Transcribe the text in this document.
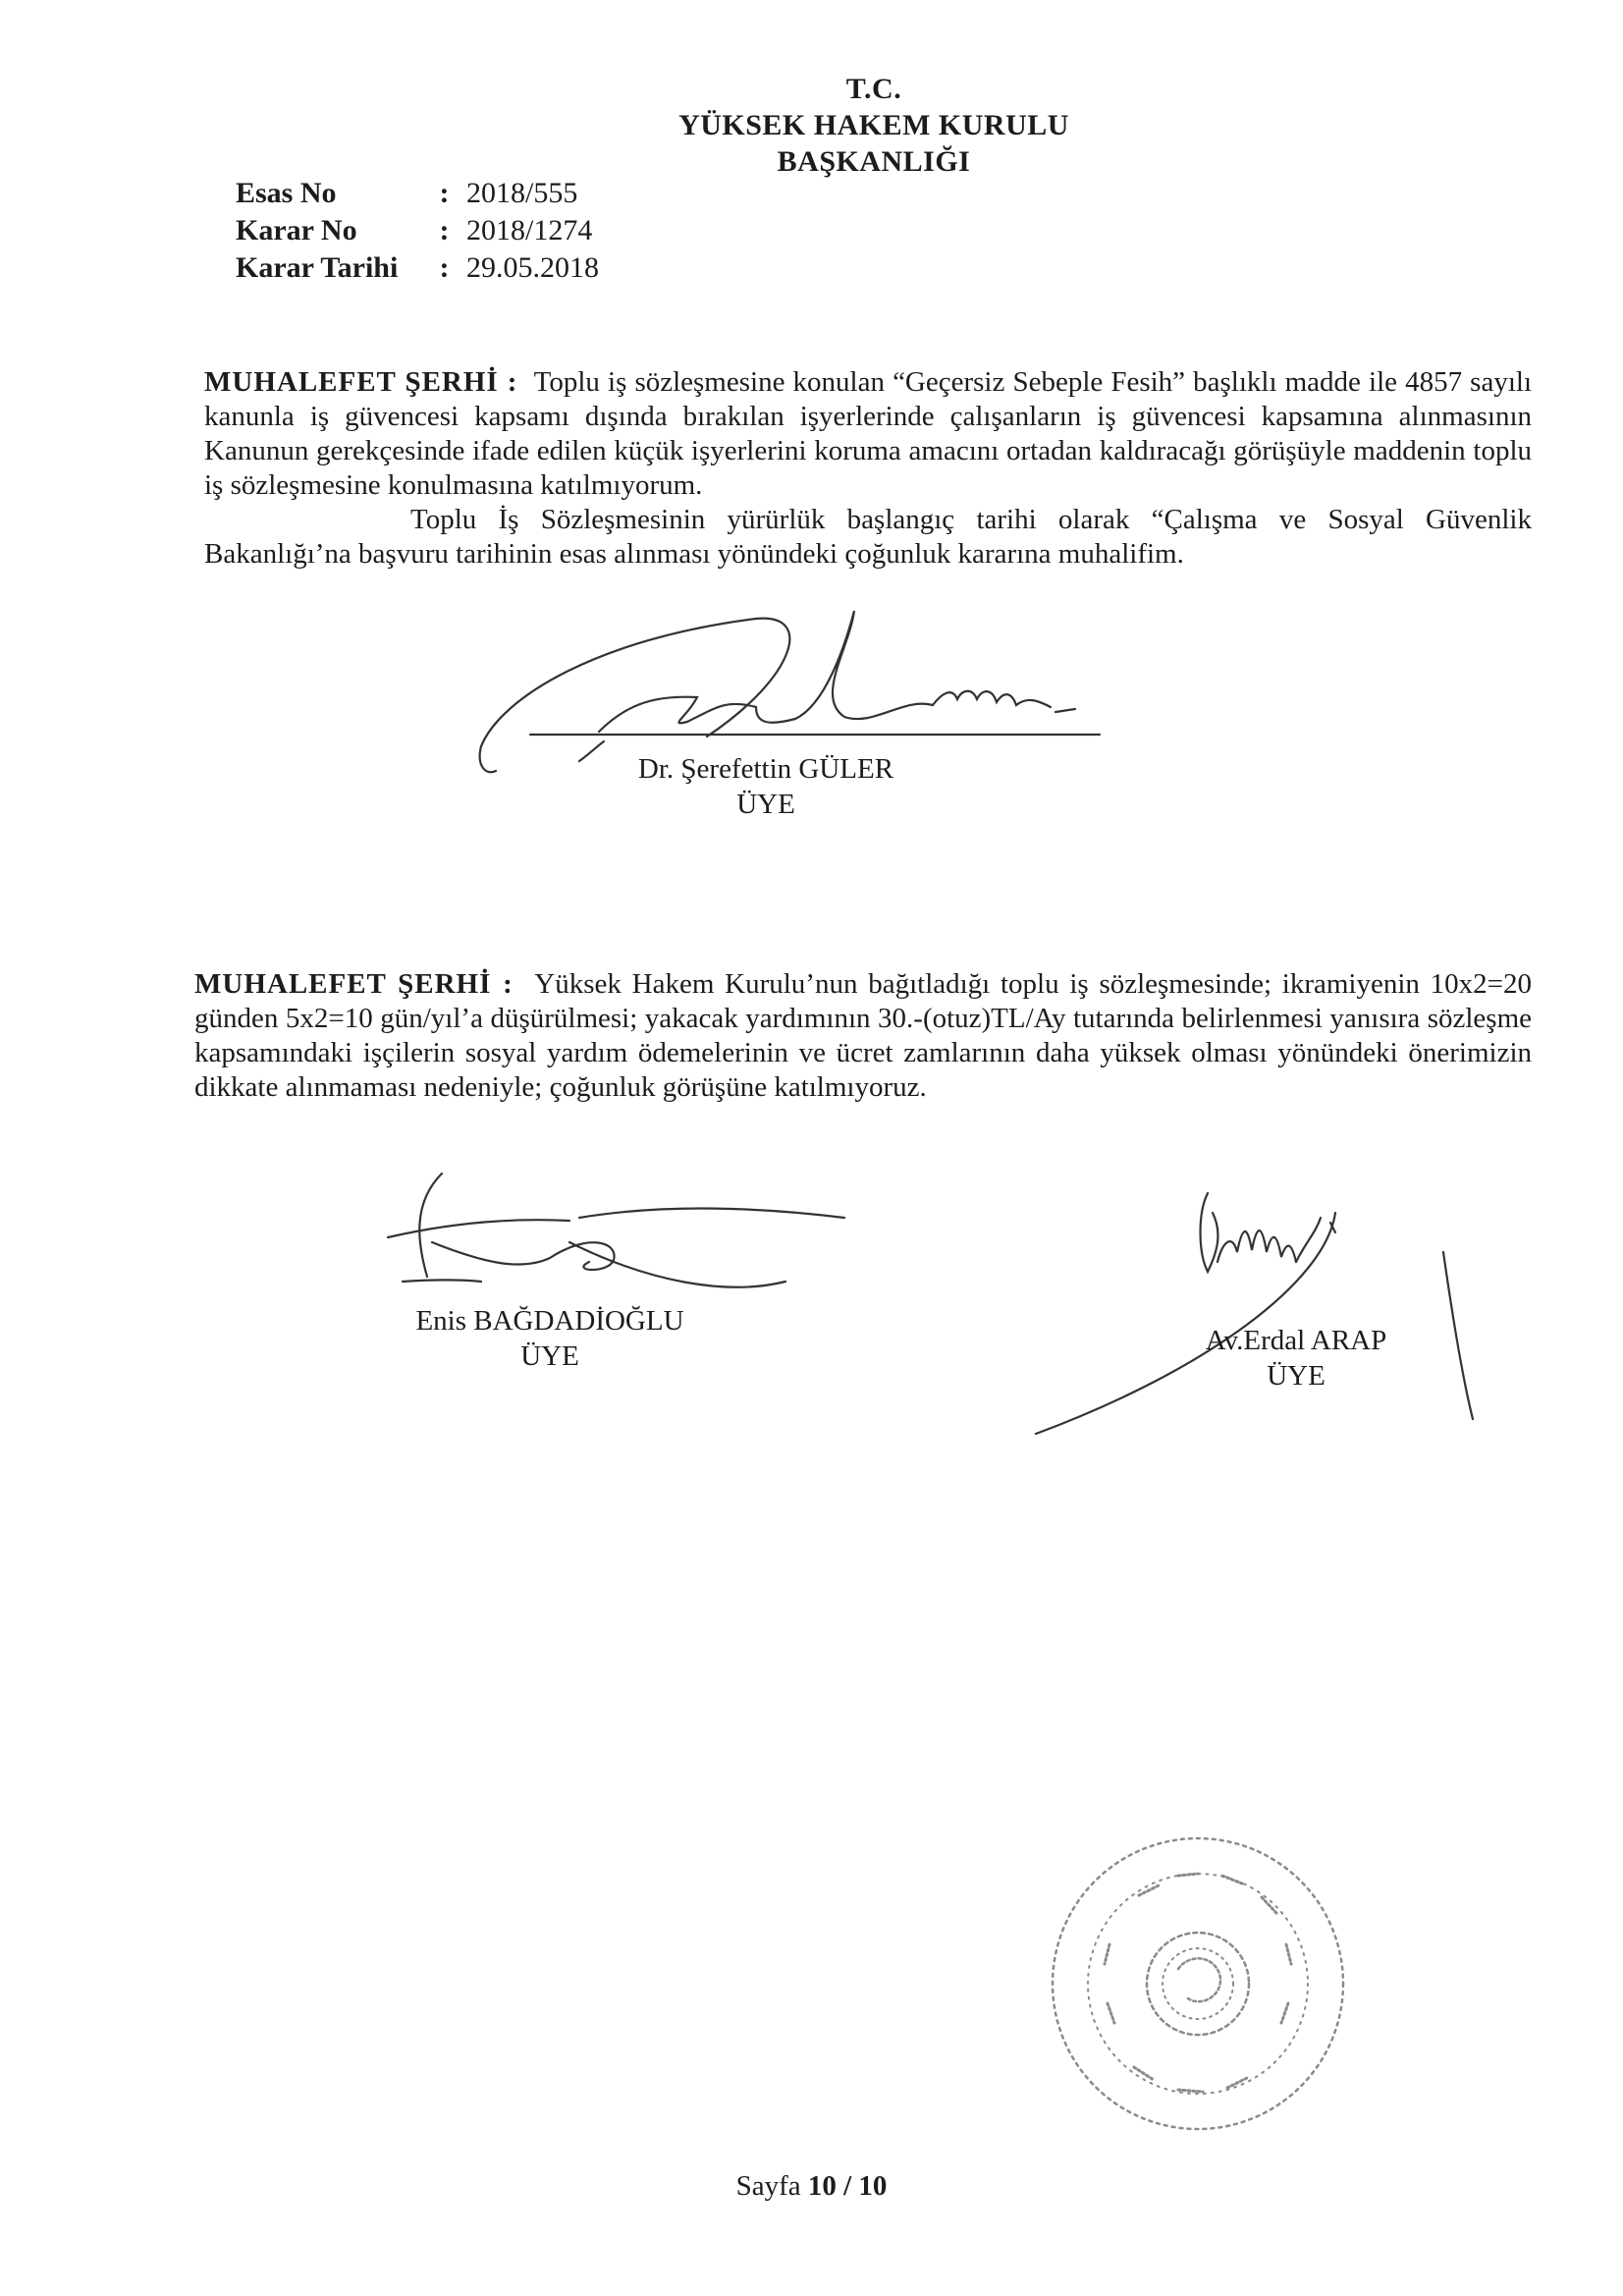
T.C.
YÜKSEK HAKEM KURULU
BAŞKANLIĞI
Esas No	: 2018/555
Karar No	: 2018/1274
Karar Tarihi	: 29.05.2018
MUHALEFET ŞERHİ : Toplu iş sözleşmesine konulan “Geçersiz Sebeple Fesih” başlıklı madde ile 4857 sayılı kanunla iş güvencesi kapsamı dışında bırakılan işyerlerinde çalışanların iş güvencesi kapsamına alınmasının Kanunun gerekçesinde ifade edilen küçük işyerlerini koruma amacını ortadan kaldıracağı görüşüyle maddenin toplu iş sözleşmesine konulmasına katılmıyorum.
Toplu İş Sözleşmesinin yürürlük başlangıç tarihi olarak “Çalışma ve Sosyal Güvenlik Bakanlığı’na başvuru tarihinin esas alınması yönündeki çoğunluk kararına muhalifim.
Dr. Şerefettin GÜLER
ÜYE
MUHALEFET ŞERHİ : Yüksek Hakem Kurulu’nun bağıtladığı toplu iş sözleşmesinde; ikramiyenin 10x2=20 günden 5x2=10 gün/yıl’a düşürülmesi; yakacak yardımının 30.-(otuz)TL/Ay tutarında belirlenmesi yanısıra sözleşme kapsamındaki işçilerin sosyal yardım ödemelerinin ve ücret zamlarının daha yüksek olması yönündeki önerimizin dikkate alınmaması nedeniyle; çoğunluk görüşüne katılmıyoruz.
Enis BAĞDADİOĞLU
ÜYE	Av.Erdal ARAP
ÜYE
Sayfa 10 / 10
